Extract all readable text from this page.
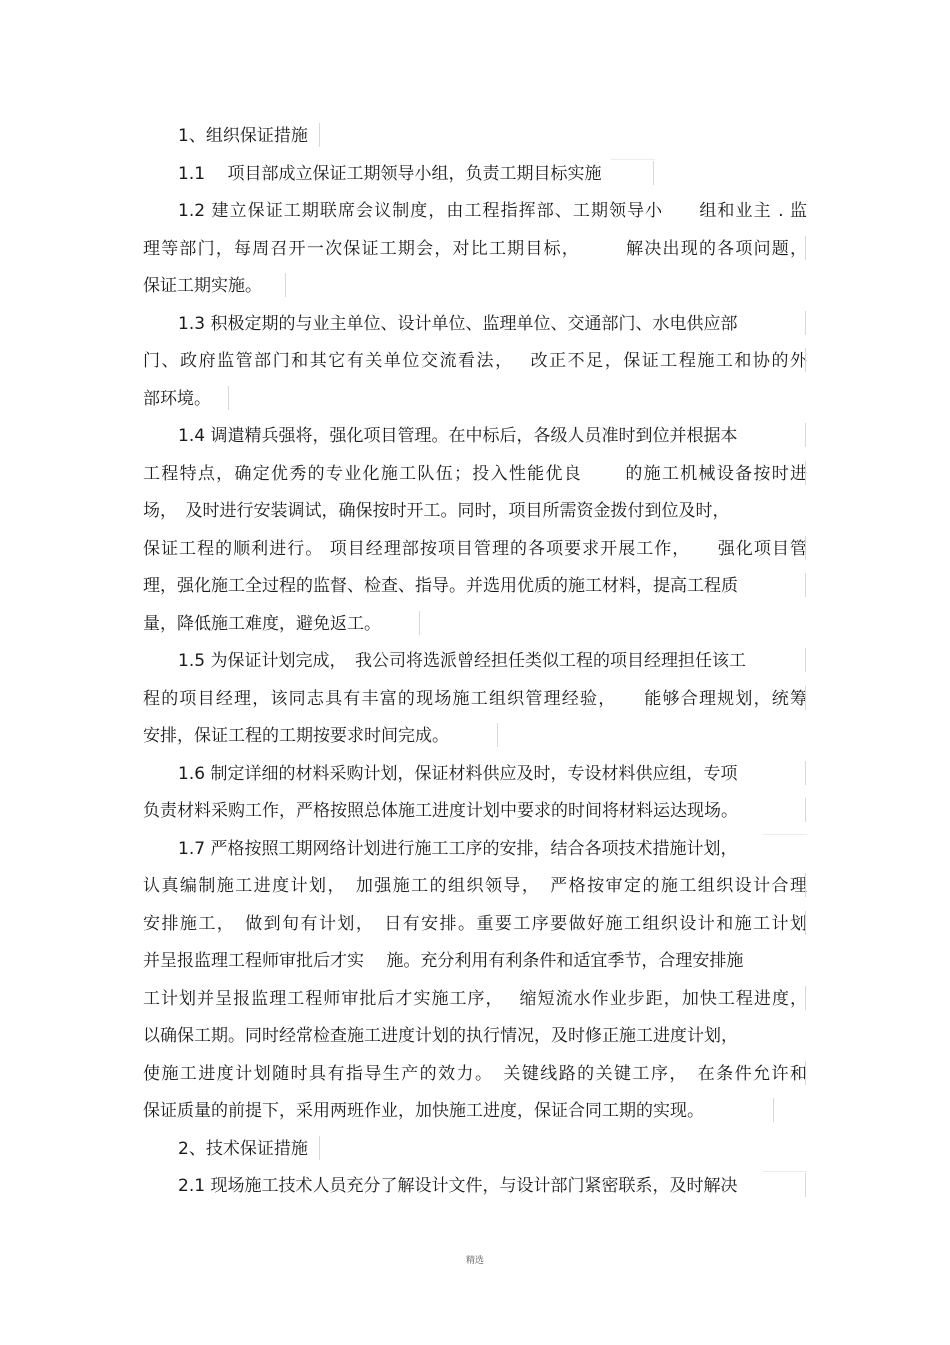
1、组织保证措施
1.1　 项目部成立保证工期领导小组，负责工期目标实施
1.2 建立保证工期联席会议制度，由工程指挥部、工期领导小　　组和业主 . 监
理等部门，每周召开一次保证工期会，对比工期目标，　　　解决出现的各项问题，
保证工期实施。
1.3 积极定期的与业主单位、设计单位、监理单位、交通部门、水电供应部
门、政府监管部门和其它有关单位交流看法，　 改正不足，保证工程施工和协的外
部环境。
1.4 调遣精兵强将，强化项目管理。在中标后，各级人员准时到位并根据本
工程特点，确定优秀的专业化施工队伍；投入性能优良　　 的施工机械设备按时进
场，　及时进行安装调试，确保按时开工。同时，项目所需资金拨付到位及时，
保证工程的顺利进行。 项目经理部按项目管理的各项要求开展工作，　　强化项目管
理，强化施工全过程的监督、检查、指导。并选用优质的施工材料，提高工程质
量，降低施工难度，避免返工。
1.5 为保证计划完成，　我公司将选派曾经担任类似工程的项目经理担任该工
程的项目经理，该同志具有丰富的现场施工组织管理经验，　　能够合理规划，统筹
安排，保证工程的工期按要求时间完成。
1.6 制定详细的材料采购计划，保证材料供应及时，专设材料供应组，专项
负责材料采购工作，严格按照总体施工进度计划中要求的时间将材料运达现场。
1.7 严格按照工期网络计划进行施工工序的安排，结合各项技术措施计划，
认真编制施工进度计划，　加强施工的组织领导，　严格按审定的施工组织设计合理
安排施工，　做到旬有计划，　日有安排。重要工序要做好施工组织设计和施工计划
并呈报监理工程师审批后才实　 施。充分利用有利条件和适宜季节，合理安排施
工计划并呈报监理工程师审批后才实施工序，　 缩短流水作业步距，加快工程进度，
以确保工期。同时经常检查施工进度计划的执行情况，及时修正施工进度计划，
使施工进度计划随时具有指导生产的效力。　关键线路的关键工序，　在条件允许和
保证质量的前提下，采用两班作业，加快施工进度，保证合同工期的实现。
2、技术保证措施
2.1 现场施工技术人员充分了解设计文件，与设计部门紧密联系，及时解决
精选
